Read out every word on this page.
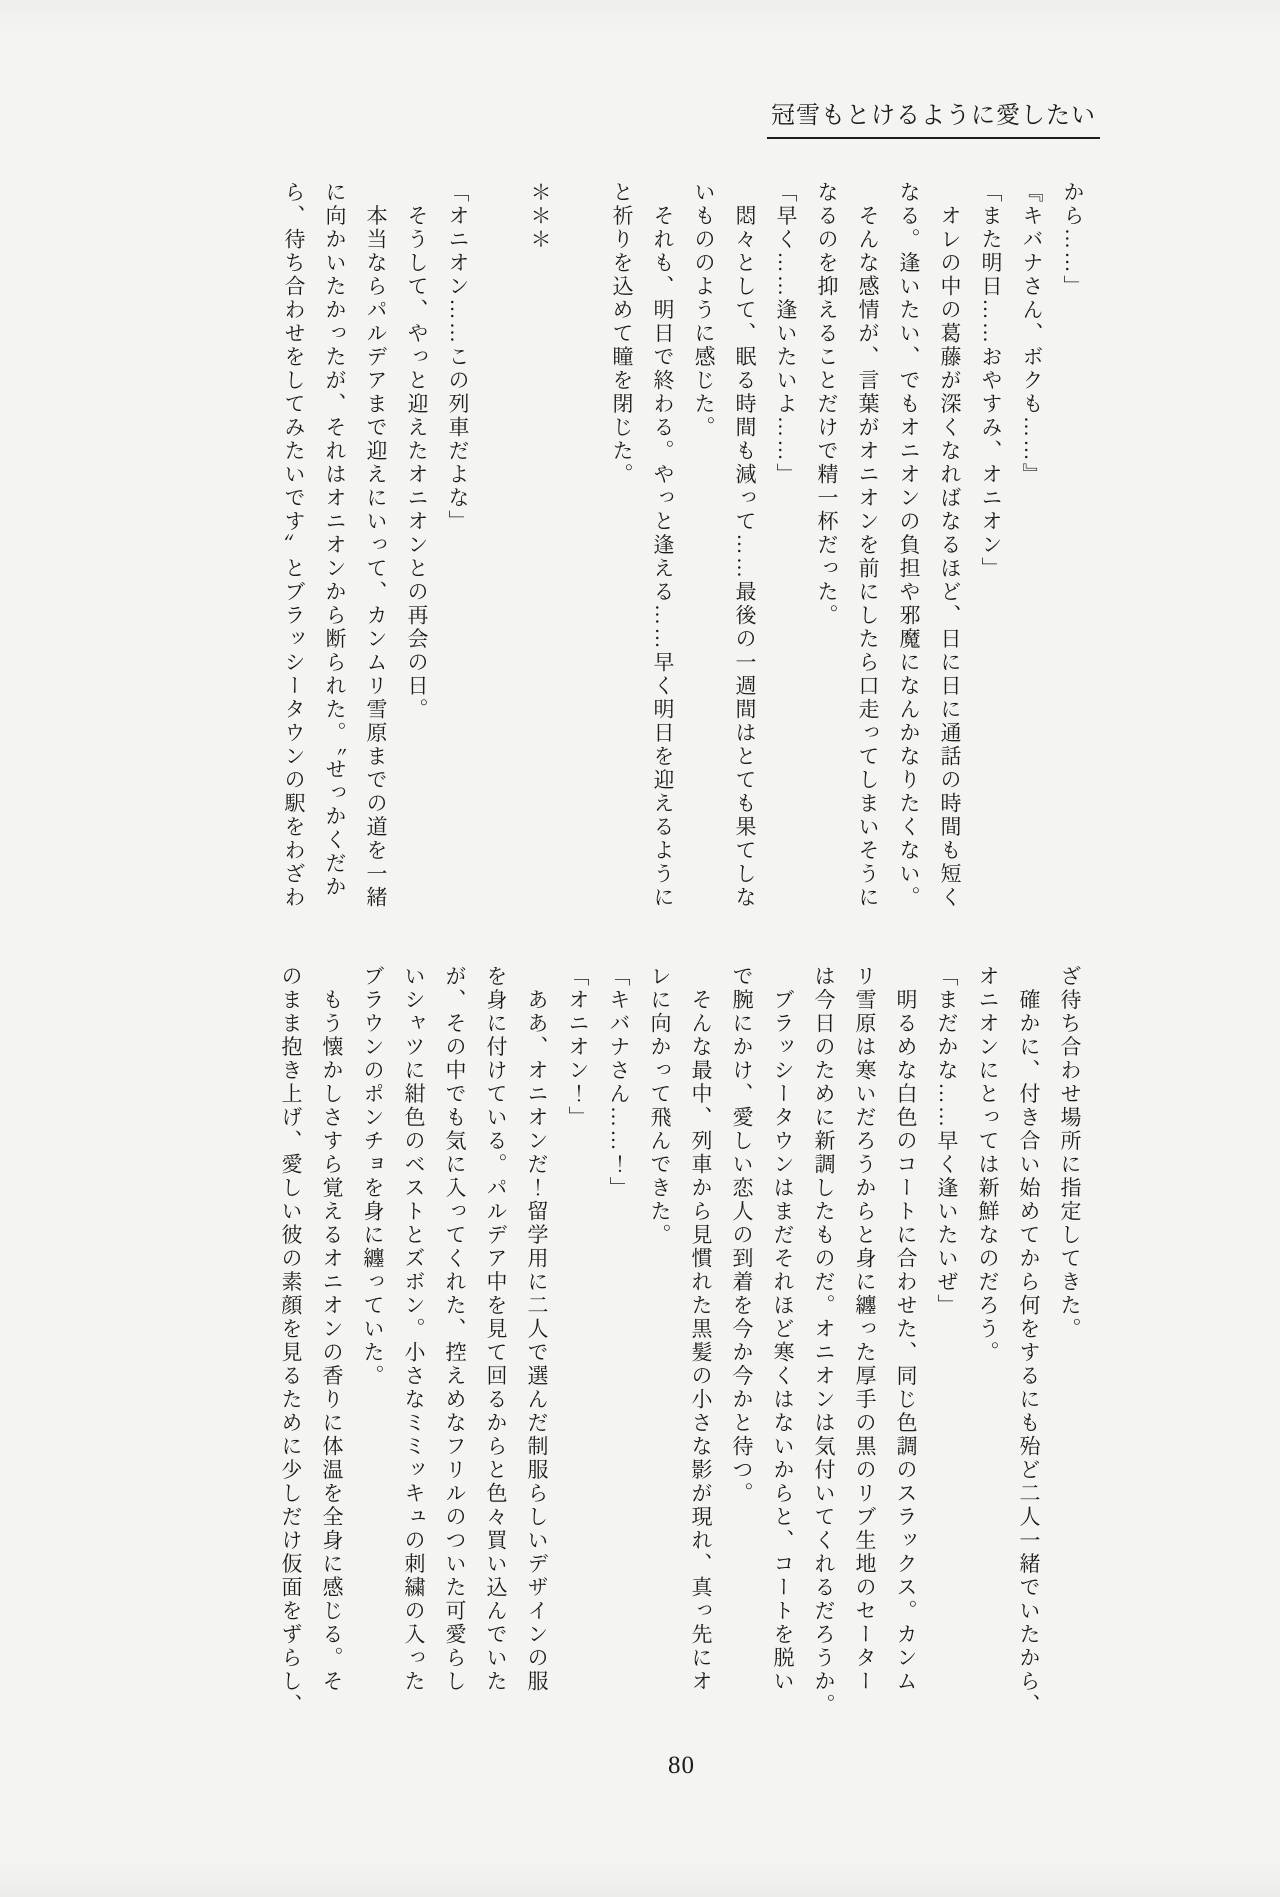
冠雪もとけるように愛したい

から……」

『キバナさん、ボクも……』

「また明日……おやすみ、オニオン」

　オレの中の葛藤が深くなればなるほど、日に日に通話の時間も短く

なる。逢いたい、でもオニオンの負担や邪魔になんかなりたくない。

　そんな感情が、言葉がオニオンを前にしたら口走ってしまいそうに

なるのを抑えることだけで精一杯だった。

「早く……逢いたいよ……」

　悶々として、眠る時間も減って……最後の一週間はとても果てしな

いもののように感じた。

　それも、明日で終わる。やっと逢える……早く明日を迎えるように

と祈りを込めて瞳を閉じた。

＊＊＊

「オニオン……この列車だよな」

　そうして、やっと迎えたオニオンとの再会の日。

　本当ならパルデアまで迎えにいって、カンムリ雪原までの道を一緒

に向かいたかったが、それはオニオンから断られた。〝せっかくだか

ら、待ち合わせをしてみたいです〞とブラッシータウンの駅をわざわ

ざ待ち合わせ場所に指定してきた。

　確かに、付き合い始めてから何をするにも殆ど二人一緒でいたから、

オニオンにとっては新鮮なのだろう。

「まだかな……早く逢いたいぜ」

　明るめな白色のコートに合わせた、同じ色調のスラックス。カンム

リ雪原は寒いだろうからと身に纏った厚手の黒のリブ生地のセーター

は今日のために新調したものだ。オニオンは気付いてくれるだろうか。

　ブラッシータウンはまだそれほど寒くはないからと、コートを脱い

で腕にかけ、愛しい恋人の到着を今か今かと待つ。

　そんな最中、列車から見慣れた黒髪の小さな影が現れ、真っ先にオ

レに向かって飛んできた。

「キバナさん……！」

「オニオン！」

　ああ、オニオンだ！留学用に二人で選んだ制服らしいデザインの服

を身に付けている。パルデア中を見て回るからと色々買い込んでいた

が、その中でも気に入ってくれた、控えめなフリルのついた可愛らし

いシャツに紺色のベストとズボン。小さなミミッキュの刺繍の入った

ブラウンのポンチョを身に纏っていた。

　もう懐かしさすら覚えるオニオンの香りに体温を全身に感じる。そ

のまま抱き上げ、愛しい彼の素顔を見るために少しだけ仮面をずらし、

80
